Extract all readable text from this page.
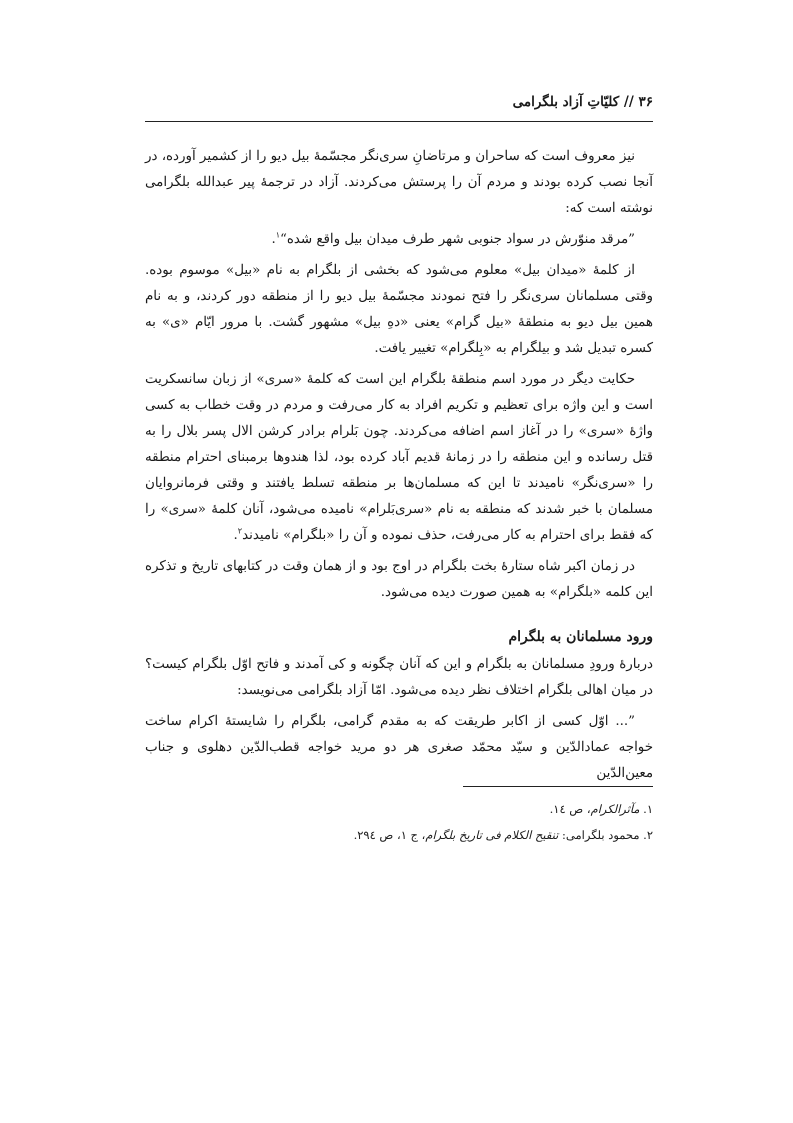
۳۶ // کلیّاتِ آزاد بلگرامی

نیز معروف است که ساحران و مرتاضانِ سری‌نگر مجسّمهٔ بیل دیو را از کشمیر آورده، در آنجا نصب کرده بودند و مردم آن را پرستش می‌کردند. آزاد در ترجمهٔ پیر عبدالله بلگرامی نوشته است که:

”مرقد منوّرش در سواد جنوبی شهر طرف میدان بیل واقع شده“$^۱$.

از کلمهٔ «میدان بیل» معلوم می‌شود که بخشی از بلگرام به نام «بیل» موسوم بوده. وقتی مسلمانان سری‌نگر را فتح نمودند مجسّمهٔ بیل دیو را از منطقه دور کردند، و به نام همین بیل دیو به منطقهٔ «بیل گرام» یعنی «دهِ بیل» مشهور گشت. با مرور ایّام «ی» به کسره تبدیل شد و بیلگرام به «بِلگرام» تغییر یافت.

حکایت دیگر در مورد اسم منطقهٔ بلگرام این است که کلمهٔ «سری» از زبان سانسکریت است و این واژه برای تعظیم و تکریم افراد به کار می‌رفت و مردم در وقت خطاب به کسی واژهٔ «سری» را در آغاز اسم اضافه می‌کردند. چون بَلرام برادر کرشن الال پسر بلال را به قتل رسانده و این منطقه را در زمانهٔ قدیم آباد کرده بود، لذا هندوها برمبنای احترام منطقه را «سری‌نگر» نامیدند تا این که مسلمان‌ها بر منطقه تسلط یافتند و وقتی فرمانروایان مسلمان با خبر شدند که منطقه به نام «سری‌بَلرام» نامیده می‌شود، آنان کلمهٔ «سری» را که فقط برای احترام به کار می‌رفت، حذف نموده و آن را «بلگرام» نامیدند$^۲$.

در زمان اکبر شاه ستارهٔ بخت بلگرام در اوج بود و از همان وقت در کتابهای تاریخ و تذکره این کلمه «بلگرام» به همین صورت دیده می‌شود.

ورود مسلمانان به بلگرام

دربارهٔ ورودِ مسلمانان به بلگرام و این که آنان چگونه و کی آمدند و فاتح اوّل بلگرام کیست؟ در میان اهالی بلگرام اختلاف نظر دیده می‌شود. امّا آزاد بلگرامی می‌نویسد:

”... اوّل کسی از اکابر طریقت که به مقدم گرامی، بلگرام را شایستهٔ اکرام ساخت خواجه عمادالدّین و سیّد محمّد صغری هر دو مرید خواجه قطب‌الدّین دهلوی و جناب معین‌الدّین

۱. مآثرالکرام، ص ۱٤.
۲. محمود بلگرامی: تنقیح الکلام فی تاریخ بلگرام، ج ۱، ص ۲۹٤.
